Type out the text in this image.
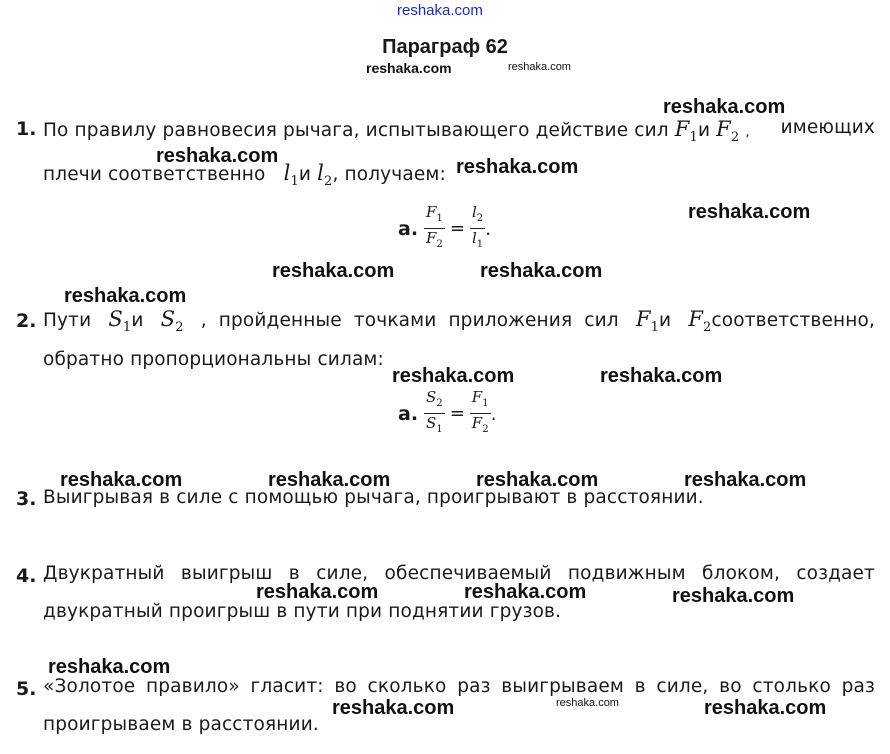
reshaka.com
Параграф 62
reshaka.com	reshaka.com
reshaka.com
reshaka.com	reshaka.com
reshaka.com
reshaka.com	reshaka.com
reshaka.com
reshaka.com	reshaka.com
reshaka.com	reshaka.com	reshaka.com	reshaka.com
reshaka.com	reshaka.com	reshaka.com
reshaka.com
reshaka.com	reshaka.com	reshaka.com
1. По правилу равновесия рычага, испытывающего действие сил $F_1и$ $F_2$ , имеющих
плечи соответственно $l_1и$ $l_2$, получаем:
а. $\frac{F_1}{F_2} = \frac{l_2}{l_1}$ .
2. Пути $S_1и$ $S_2$ , пройденные точками приложения сил $F_1и$ $F_2соответственно$,
обратно пропорциональны силам:
а. $\frac{S_2}{S_1} = \frac{F_1}{F_2}$ .
3. Выигрывая в силе с помощью рычага, проигрывают в расстоянии.
4. Двукратный выигрыш в силе, обеспечиваемый подвижным блоком, создает
двукратный проигрыш в пути при поднятии грузов.
5. «Золотое правило» гласит: во сколько раз выигрываем в силе, во столько раз
проигрываем в расстоянии.
